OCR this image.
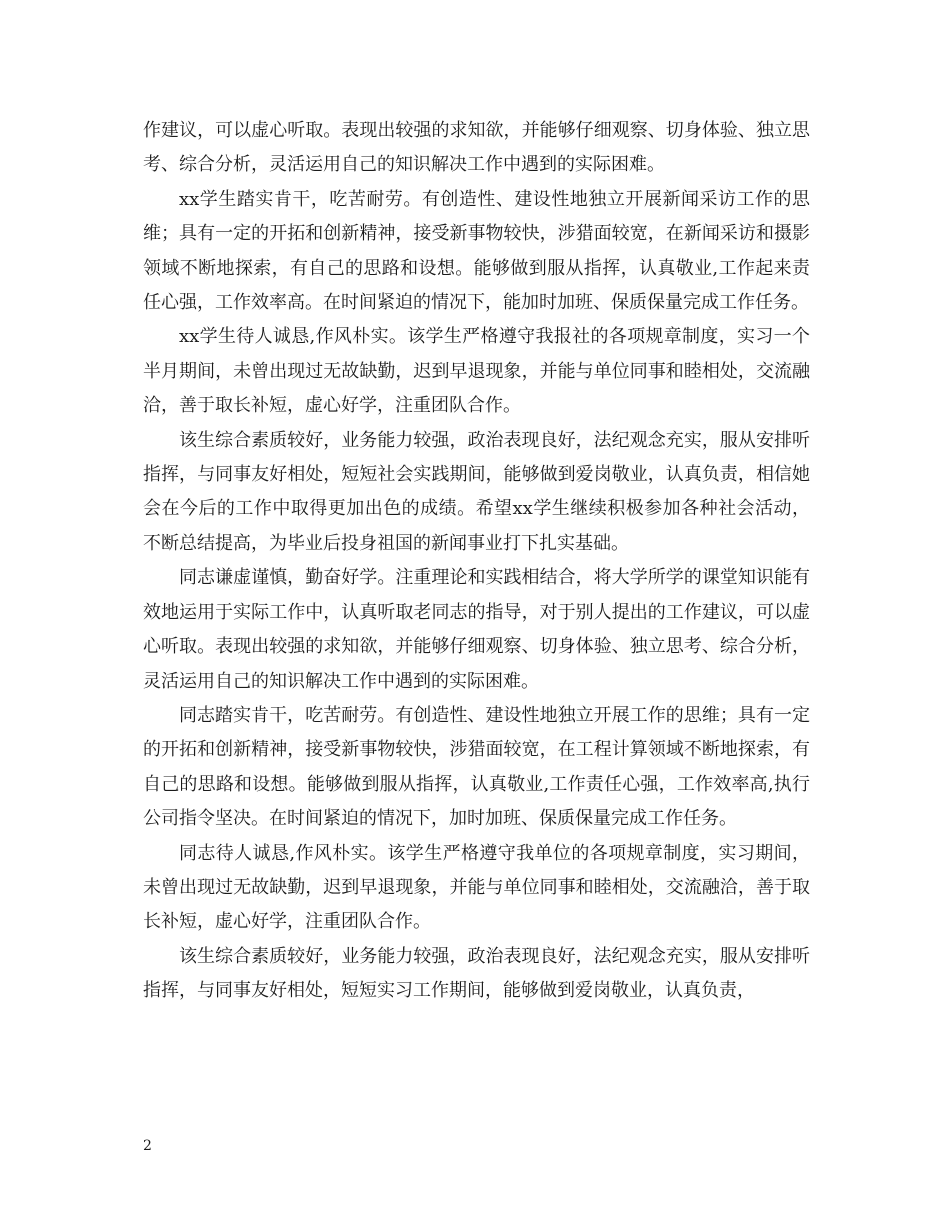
作建议，可以虚心听取。表现出较强的求知欲，并能够仔细观察、切身体验、独立思考、综合分析，灵活运用自己的知识解决工作中遇到的实际困难。

xx学生踏实肯干，吃苦耐劳。有创造性、建设性地独立开展新闻采访工作的思维；具有一定的开拓和创新精神，接受新事物较快，涉猎面较宽，在新闻采访和摄影领域不断地探索，有自己的思路和设想。能够做到服从指挥，认真敬业,工作起来责任心强，工作效率高。在时间紧迫的情况下，能加时加班、保质保量完成工作任务。

xx学生待人诚恳,作风朴实。该学生严格遵守我报社的各项规章制度，实习一个半月期间，未曾出现过无故缺勤，迟到早退现象，并能与单位同事和睦相处，交流融洽，善于取长补短，虚心好学，注重团队合作。

该生综合素质较好，业务能力较强，政治表现良好，法纪观念充实，服从安排听指挥，与同事友好相处，短短社会实践期间，能够做到爱岗敬业，认真负责，相信她会在今后的工作中取得更加出色的成绩。希望xx学生继续积极参加各种社会活动，不断总结提高，为毕业后投身祖国的新闻事业打下扎实基础。

同志谦虚谨慎，勤奋好学。注重理论和实践相结合，将大学所学的课堂知识能有效地运用于实际工作中，认真听取老同志的指导，对于别人提出的工作建议，可以虚心听取。表现出较强的求知欲，并能够仔细观察、切身体验、独立思考、综合分析，灵活运用自己的知识解决工作中遇到的实际困难。

同志踏实肯干，吃苦耐劳。有创造性、建设性地独立开展工作的思维；具有一定的开拓和创新精神，接受新事物较快，涉猎面较宽，在工程计算领域不断地探索，有自己的思路和设想。能够做到服从指挥，认真敬业,工作责任心强，工作效率高,执行公司指令坚决。在时间紧迫的情况下，加时加班、保质保量完成工作任务。

同志待人诚恳,作风朴实。该学生严格遵守我单位的各项规章制度，实习期间，未曾出现过无故缺勤，迟到早退现象，并能与单位同事和睦相处，交流融洽，善于取长补短，虚心好学，注重团队合作。

该生综合素质较好，业务能力较强，政治表现良好，法纪观念充实，服从安排听指挥，与同事友好相处，短短实习工作期间，能够做到爱岗敬业，认真负责，

2
